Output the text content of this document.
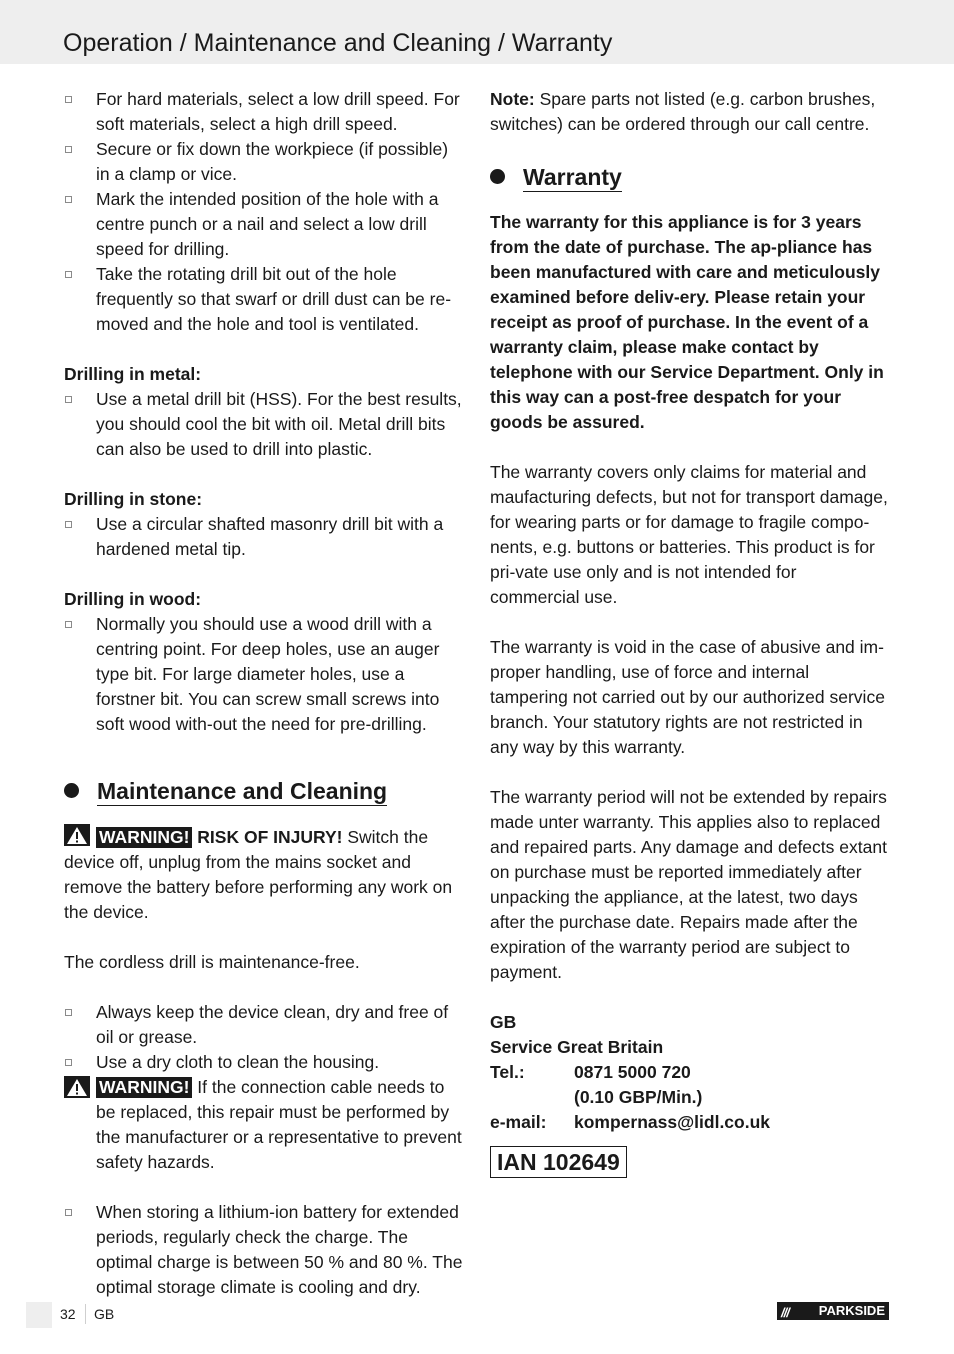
Operation / Maintenance and Cleaning / Warranty
For hard materials, select a low drill speed. For soft materials, select a high drill speed.
Secure or fix down the workpiece (if possible) in a clamp or vice.
Mark the intended position of the hole with a centre punch or a nail and select a low drill speed for drilling.
Take the rotating drill bit out of the hole frequently so that swarf or drill dust can be re-moved and the hole and tool is ventilated.

Drilling in metal:

Use a metal drill bit (HSS). For the best results, you should cool the bit with oil. Metal drill bits can also be used to drill into plastic.

Drilling in stone:

Use a circular shafted masonry drill bit with a hardened metal tip.

Drilling in wood:

Normally you should use a wood drill with a centring point. For deep holes, use an auger type bit. For large diameter holes, use a forstner bit. You can screw small screws into soft wood with-out the need for pre-drilling.
Maintenance and Cleaning

WARNING! RISK OF INJURY! Switch the device off, unplug from the mains socket and remove the battery before performing any work on the device.

The cordless drill is maintenance-free.

Always keep the device clean, dry and free of oil or grease.
Use a dry cloth to clean the housing.
WARNING! If the connection cable needs to be replaced, this repair must be performed by the manufacturer or a representative to prevent safety hazards.
When storing a lithium-ion battery for extended periods, regularly check the charge. The optimal charge is between 50 % and 80 %. The optimal storage climate is cooling and dry.

Note: Spare parts not listed (e.g. carbon brushes, switches) can be ordered through our call centre.

Warranty

The warranty for this appliance is for 3 years from the date of purchase. The ap-pliance has been manufactured with care and meticulously examined before deliv-ery. Please retain your receipt as proof of purchase. In the event of a warranty claim, please make contact by telephone with our Service Department. Only in this way can a post-free despatch for your goods be assured.

The warranty covers only claims for material and maufacturing defects, but not for transport damage, for wearing parts or for damage to fragile compo-nents, e.g. buttons or batteries. This product is for pri-vate use only and is not intended for commercial use.

The warranty is void in the case of abusive and im-proper handling, use of force and internal tampering not carried out by our authorized service branch. Your statutory rights are not restricted in any way by this warranty.

The warranty period will not be extended by repairs made unter warranty. This applies also to replaced and repaired parts. Any damage and defects extant on purchase must be reported immediately after unpacking the appliance, at the latest, two days after the purchase date. Repairs made after the expiration of the warranty period are subject to payment.

GB

Service Great Britain

Tel.:	0871 5000 720
(0.10 GBP/Min.)
e-mail:	kompernass@lidl.co.uk
IAN 102649
32 GB	/// PARKSIDE
